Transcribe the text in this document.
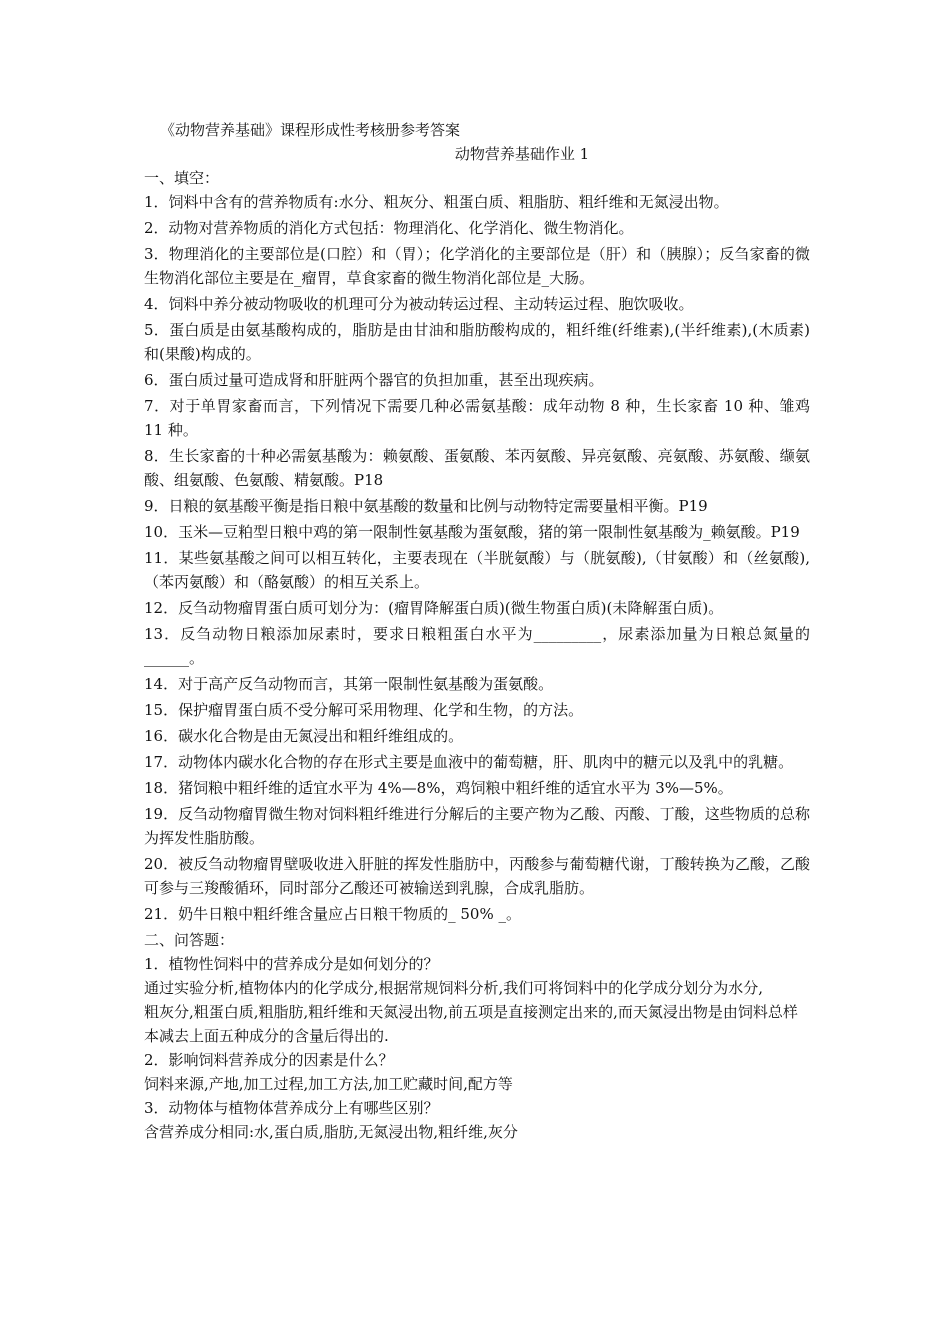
《动物营养基础》课程形成性考核册参考答案

动物营养基础作业 1

一、填空：

1．饲料中含有的营养物质有:水分、粗灰分、粗蛋白质、粗脂肪、粗纤维和无氮浸出物。

2．动物对营养物质的消化方式包括：物理消化、化学消化、微生物消化。

3．物理消化的主要部位是(口腔）和（胃）；化学消化的主要部位是（肝）和（胰腺）；反刍家畜的微生物消化部位主要是在_瘤胃，草食家畜的微生物消化部位是_大肠。

4．饲料中养分被动物吸收的机理可分为被动转运过程、主动转运过程、胞饮吸收。

5．蛋白质是由氨基酸构成的，脂肪是由甘油和脂肪酸构成的，粗纤维(纤维素),(半纤维素),(木质素)和(果酸)构成的。

6．蛋白质过量可造成肾和肝脏两个器官的负担加重，甚至出现疾病。

7．对于单胃家畜而言，下列情况下需要几种必需氨基酸：成年动物 8 种，生长家畜 10 种、雏鸡 11 种。

8．生长家畜的十种必需氨基酸为：赖氨酸、蛋氨酸、苯丙氨酸、异亮氨酸、亮氨酸、苏氨酸、缬氨酸、组氨酸、色氨酸、精氨酸。P18

9．日粮的氨基酸平衡是指日粮中氨基酸的数量和比例与动物特定需要量相平衡。P19

10．玉米—豆粕型日粮中鸡的第一限制性氨基酸为蛋氨酸，猪的第一限制性氨基酸为_赖氨酸。P19

11．某些氨基酸之间可以相互转化，主要表现在（半胱氨酸）与（胱氨酸),（甘氨酸）和（丝氨酸),（苯丙氨酸）和（酪氨酸）的相互关系上。

12．反刍动物瘤胃蛋白质可划分为：(瘤胃降解蛋白质)(微生物蛋白质)(未降解蛋白质)。

13．反刍动物日粮添加尿素时，要求日粮粗蛋白水平为_________，尿素添加量为日粮总氮量的______。

14．对于高产反刍动物而言，其第一限制性氨基酸为蛋氨酸。

15．保护瘤胃蛋白质不受分解可采用物理、化学和生物，的方法。

16．碳水化合物是由无氮浸出和粗纤维组成的。

17．动物体内碳水化合物的存在形式主要是血液中的葡萄糖，肝、肌肉中的糖元以及乳中的乳糖。

18．猪饲粮中粗纤维的适宜水平为 4%—8%，鸡饲粮中粗纤维的适宜水平为 3%—5%。

19．反刍动物瘤胃微生物对饲料粗纤维进行分解后的主要产物为乙酸、丙酸、丁酸，这些物质的总称为挥发性脂肪酸。

20．被反刍动物瘤胃壁吸收进入肝脏的挥发性脂肪中，丙酸参与葡萄糖代谢，丁酸转换为乙酸，乙酸可参与三羧酸循环，同时部分乙酸还可被输送到乳腺，合成乳脂肪。

21．奶牛日粮中粗纤维含量应占日粮干物质的_ 50% _。

二、问答题：

1．植物性饲料中的营养成分是如何划分的？

通过实验分析,植物体内的化学成分,根据常规饲料分析,我们可将饲料中的化学成分划分为水分,

粗灰分,粗蛋白质,粗脂肪,粗纤维和天氮浸出物,前五项是直接测定出来的,而天氮浸出物是由饲料总样本减去上面五种成分的含量后得出的.

2．影响饲料营养成分的因素是什么？

饲料来源,产地,加工过程,加工方法,加工贮藏时间,配方等

3．动物体与植物体营养成分上有哪些区别？

含营养成分相同:水,蛋白质,脂肪,无氮浸出物,粗纤维,灰分
